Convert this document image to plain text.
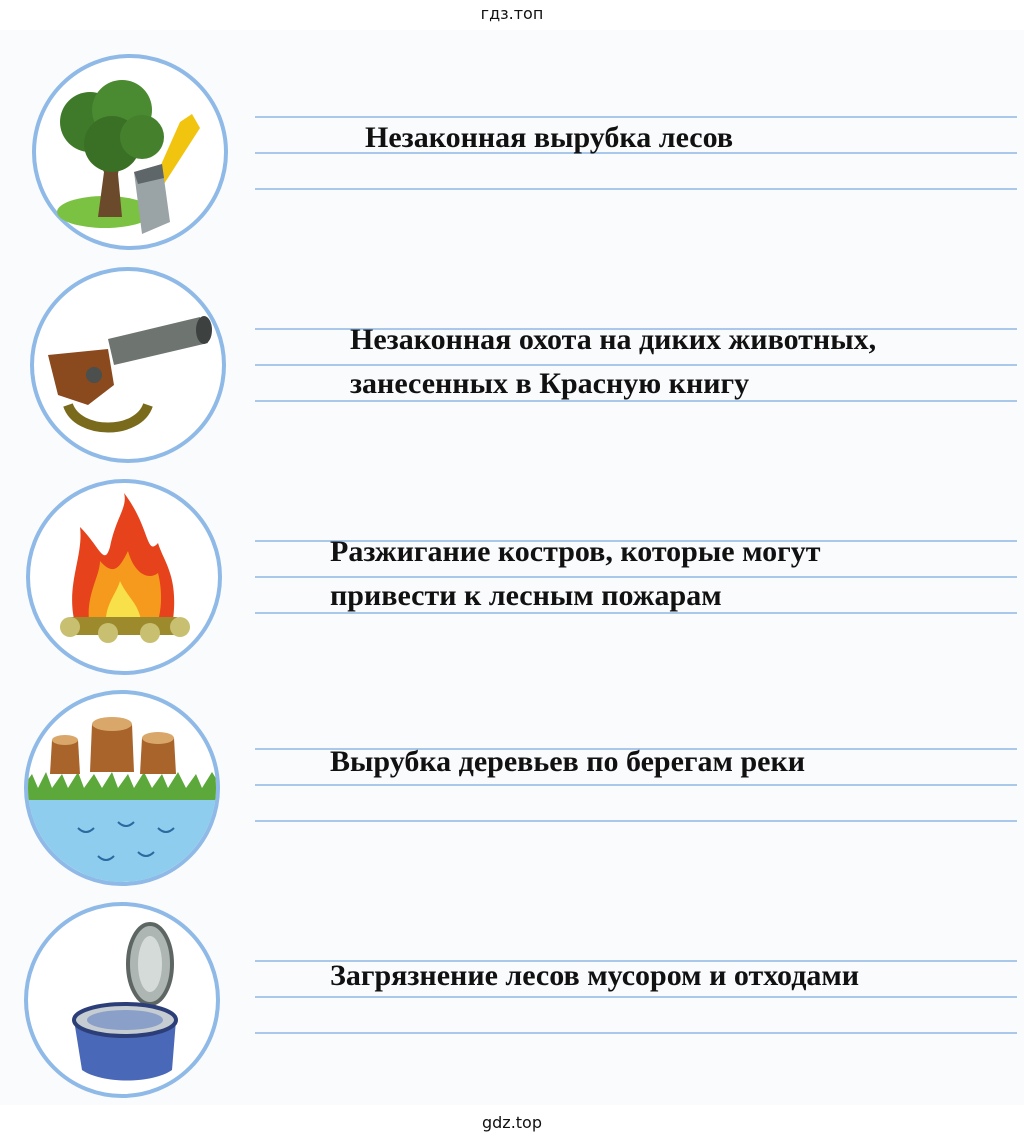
гдз.топ
Незаконная вырубка лесов
Незаконная охота на диких животных,
занесенных в Красную книгу
Разжигание костров, которые могут
привести к лесным пожарам
Вырубка деревьев по берегам реки
Загрязнение лесов мусором и отходами
gdz.top
